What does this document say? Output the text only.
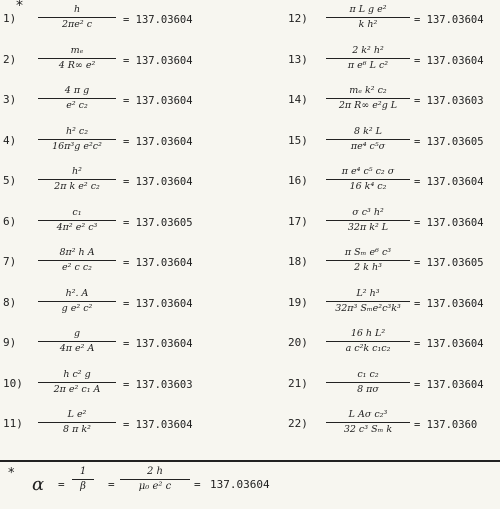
*
1)
h
2πe² c	= 137.03604
2)
mₑ
4 R∞ e²	= 137.03604
3)
4 π g
e² c₂	= 137.03604
4)
h² c₂
16π³g e²c²	= 137.03604
5)
h²
2π k e² c₂	= 137.03604
6)
c₁
4π² e² c³	= 137.03605
7)
8π² h A
e² c c₂	= 137.03604
8)
h². A
g e² c²	= 137.03604
9)
g
4π e² A	= 137.03604
10)
h c² g
2π e² c₁ A	= 137.03603
11)
L e²
8 π k²	= 137.03604
12)
π L g e²
k h²	= 137.03604
13)
2 k² h²
π e⁶ L c²	= 137.03604
14)
mₑ k² c₂
2π R∞ e²g L	= 137.03603
15)
8 k² L
πe⁴ c⁵σ	= 137.03605
16)
π e⁴ c⁵ c₂ σ
16 k⁴ c₂	= 137.03604
17)
σ c³ h²
32π k² L	= 137.03604
18)
π Sₘ e⁶ c³
2 k h³	= 137.03605
19)
L² h³
32π³ Sₘe²c³k³	= 137.03604
20)
16 h L²
a c²k c₁c₂	= 137.03604
21)
c₁ c₂
8 πσ	= 137.03604
22)
L Aσ c₂³
32 c³ Sₘ k	= 137.0360
*
α =
1
β	=
2 h
μ₀ e² c	= 137.03604
